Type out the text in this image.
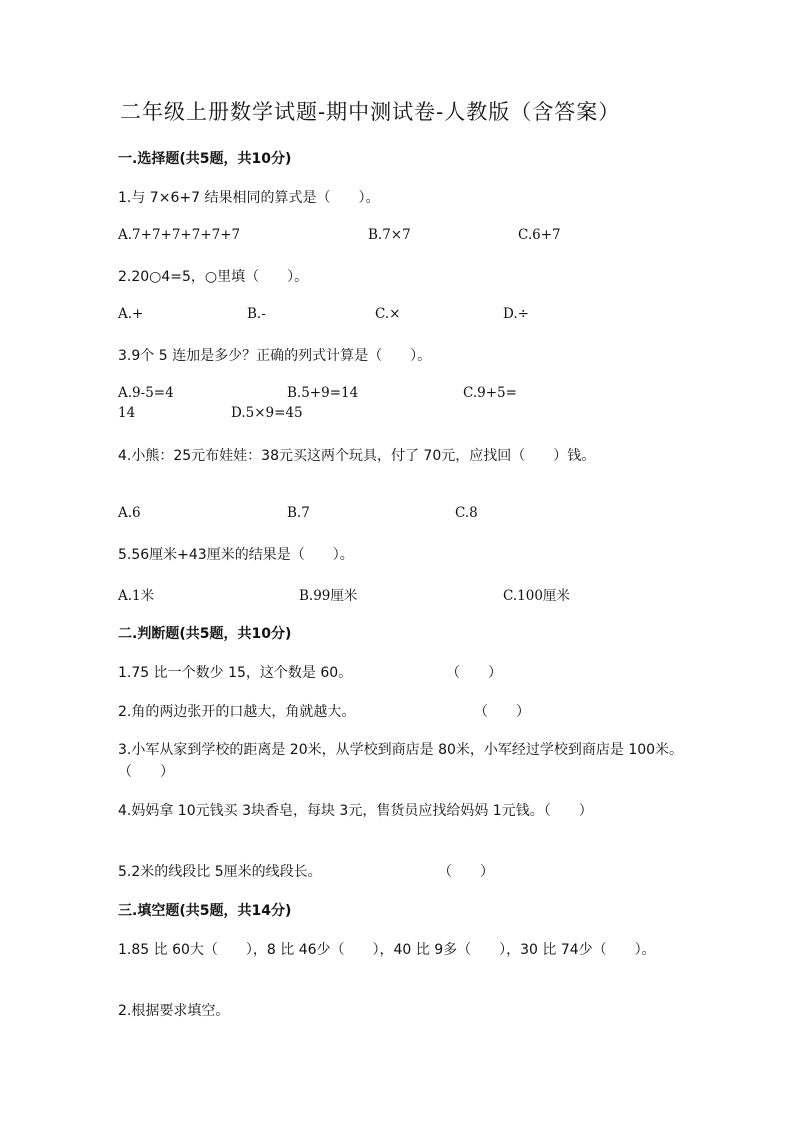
二年级上册数学试题-期中测试卷-人教版（含答案）
一.选择题(共5题，共10分)
1.与 7×6+7 结果相同的算式是（　　）。
A.7+7+7+7+7+7	B.7×7	C.6+7
2.20○4=5，○里填（　　）。
A.+	B.-	C.×	D.÷
3.9个 5 连加是多少？正确的列式计算是（　　）。
A.9-5=4	B.5+9=14	C.9+5=
14	D.5×9=45
4.小熊：25元布娃娃：38元买这两个玩具，付了 70元，应找回（　　）钱。
A.6	B.7	C.8
5.56厘米+43厘米的结果是（　　）。
A.1米	B.99厘米	C.100厘米
二.判断题(共5题，共10分)
1.75 比一个数少 15，这个数是 60。	（　　）
2.角的两边张开的口越大，角就越大。	（　　）
3.小军从家到学校的距离是 20米，从学校到商店是 80米，小军经过学校到商店是 100米。　　（　　）
4.妈妈拿 10元钱买 3块香皂，每块 3元，售货员应找给妈妈 1元钱。（　　）
5.2米的线段比 5厘米的线段长。	（　　）
三.填空题(共5题，共14分)
1.85 比 60大（　　），8 比 46少（　　），40 比 9多（　　），30 比 74少（　　）。
2.根据要求填空。
